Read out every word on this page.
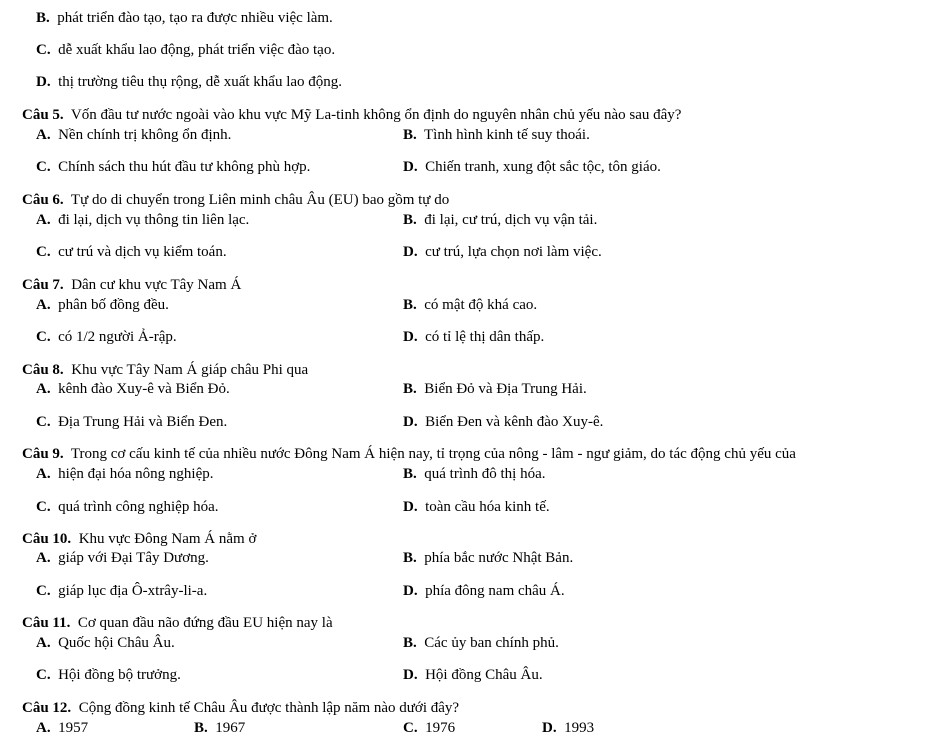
B. phát triển đào tạo, tạo ra được nhiều việc làm.
C. dễ xuất khẩu lao động, phát triển việc đào tạo.
D. thị trường tiêu thụ rộng, dễ xuất khẩu lao động.
Câu 5. Vốn đầu tư nước ngoài vào khu vực Mỹ La-tinh không ổn định do nguyên nhân chủ yếu nào sau đây?
A. Nền chính trị không ổn định.	B. Tình hình kinh tế suy thoái.
C. Chính sách thu hút đầu tư không phù hợp.	D. Chiến tranh, xung đột sắc tộc, tôn giáo.
Câu 6. Tự do di chuyển trong Liên minh châu Âu (EU) bao gồm tự do
A. đi lại, dịch vụ thông tin liên lạc.	B. đi lại, cư trú, dịch vụ vận tải.
C. cư trú và dịch vụ kiểm toán.	D. cư trú, lựa chọn nơi làm việc.
Câu 7. Dân cư khu vực Tây Nam Á
A. phân bố đồng đều.	B. có mật độ khá cao.
C. có 1/2 người Ả-rập.	D. có tỉ lệ thị dân thấp.
Câu 8. Khu vực Tây Nam Á giáp châu Phi qua
A. kênh đào Xuy-ê và Biển Đỏ.	B. Biển Đỏ và Địa Trung Hải.
C. Địa Trung Hải và Biển Đen.	D. Biển Đen và kênh đào Xuy-ê.
Câu 9. Trong cơ cấu kinh tế của nhiều nước Đông Nam Á hiện nay, tỉ trọng của nông - lâm - ngư giảm, do tác động chủ yếu của
A. hiện đại hóa nông nghiệp.	B. quá trình đô thị hóa.
C. quá trình công nghiệp hóa.	D. toàn cầu hóa kinh tế.
Câu 10. Khu vực Đông Nam Á nằm ở
A. giáp với Đại Tây Dương.	B. phía bắc nước Nhật Bản.
C. giáp lục địa Ô-xtrây-li-a.	D. phía đông nam châu Á.
Câu 11. Cơ quan đầu não đứng đầu EU hiện nay là
A. Quốc hội Châu Âu.	B. Các ủy ban chính phủ.
C. Hội đồng bộ trưởng.	D. Hội đồng Châu Âu.
Câu 12. Cộng đồng kinh tế Châu Âu được thành lập năm nào dưới đây?
A. 1957	B. 1967	C. 1976	D. 1993
